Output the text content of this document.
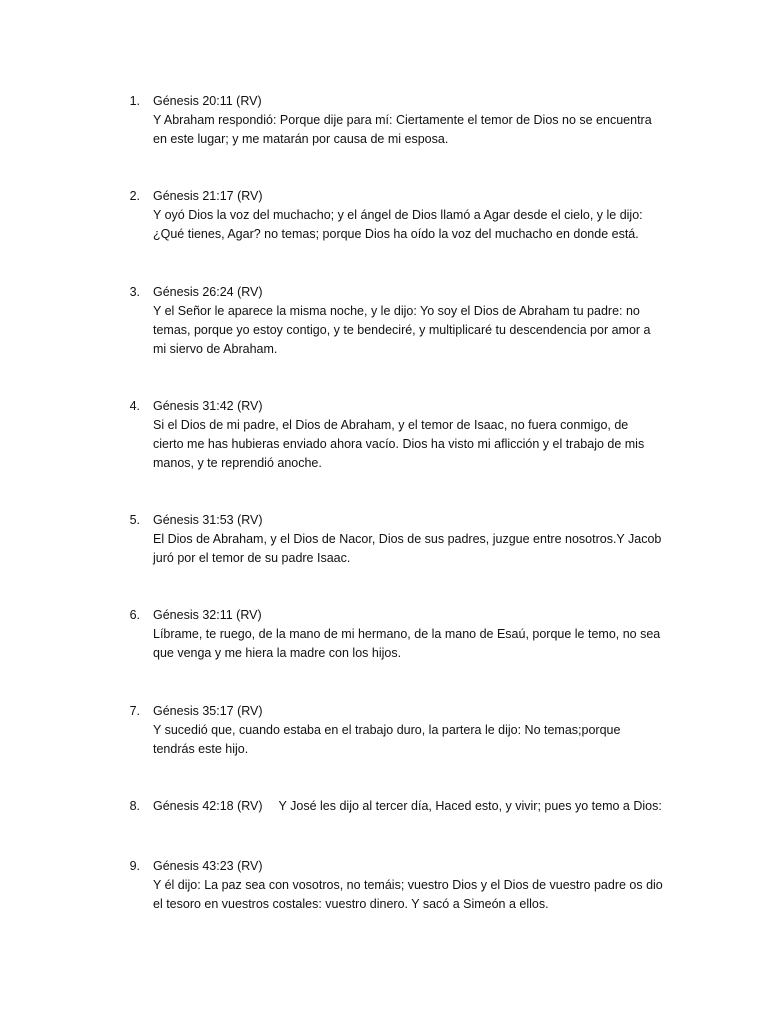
1. Génesis 20:11 (RV)
Y Abraham respondió: Porque dije para mí: Ciertamente el temor de Dios no se encuentra
en este lugar; y me matarán por causa de mi esposa.
2. Génesis 21:17 (RV)
Y oyó Dios la voz del muchacho; y el ángel de Dios llamó a Agar desde el cielo, y le dijo:
¿Qué tienes, Agar? no temas; porque Dios ha oído la voz del muchacho en donde está.
3. Génesis 26:24 (RV)
Y el Señor le aparece la misma noche, y le dijo: Yo soy el Dios de Abraham tu padre: no
temas, porque yo estoy contigo, y te bendeciré, y multiplicaré tu descendencia por amor a
mi siervo de Abraham.
4. Génesis 31:42 (RV)
Si el Dios de mi padre, el Dios de Abraham, y el temor de Isaac, no fuera conmigo, de
cierto me has hubieras enviado ahora vacío. Dios ha visto mi aflicción y el trabajo de mis
manos, y te reprendió anoche.
5. Génesis 31:53 (RV)
El Dios de Abraham, y el Dios de Nacor, Dios de sus padres, juzgue entre nosotros.Y Jacob
juró por el temor de su padre Isaac.
6. Génesis 32:11 (RV)
Líbrame, te ruego, de la mano de mi hermano, de la mano de Esaú, porque le temo, no sea
que venga y me hiera la madre con los hijos.
7. Génesis 35:17 (RV)
Y sucedió que, cuando estaba en el trabajo duro, la partera le dijo: No temas;porque
tendrás este hijo.
8. Génesis 42:18 (RV) Y José les dijo al tercer día, Haced esto, y vivir; pues yo temo a Dios:
9. Génesis 43:23 (RV)
Y él dijo: La paz sea con vosotros, no temáis; vuestro Dios y el Dios de vuestro padre os dio
el tesoro en vuestros costales: vuestro dinero. Y sacó a Simeón a ellos.
